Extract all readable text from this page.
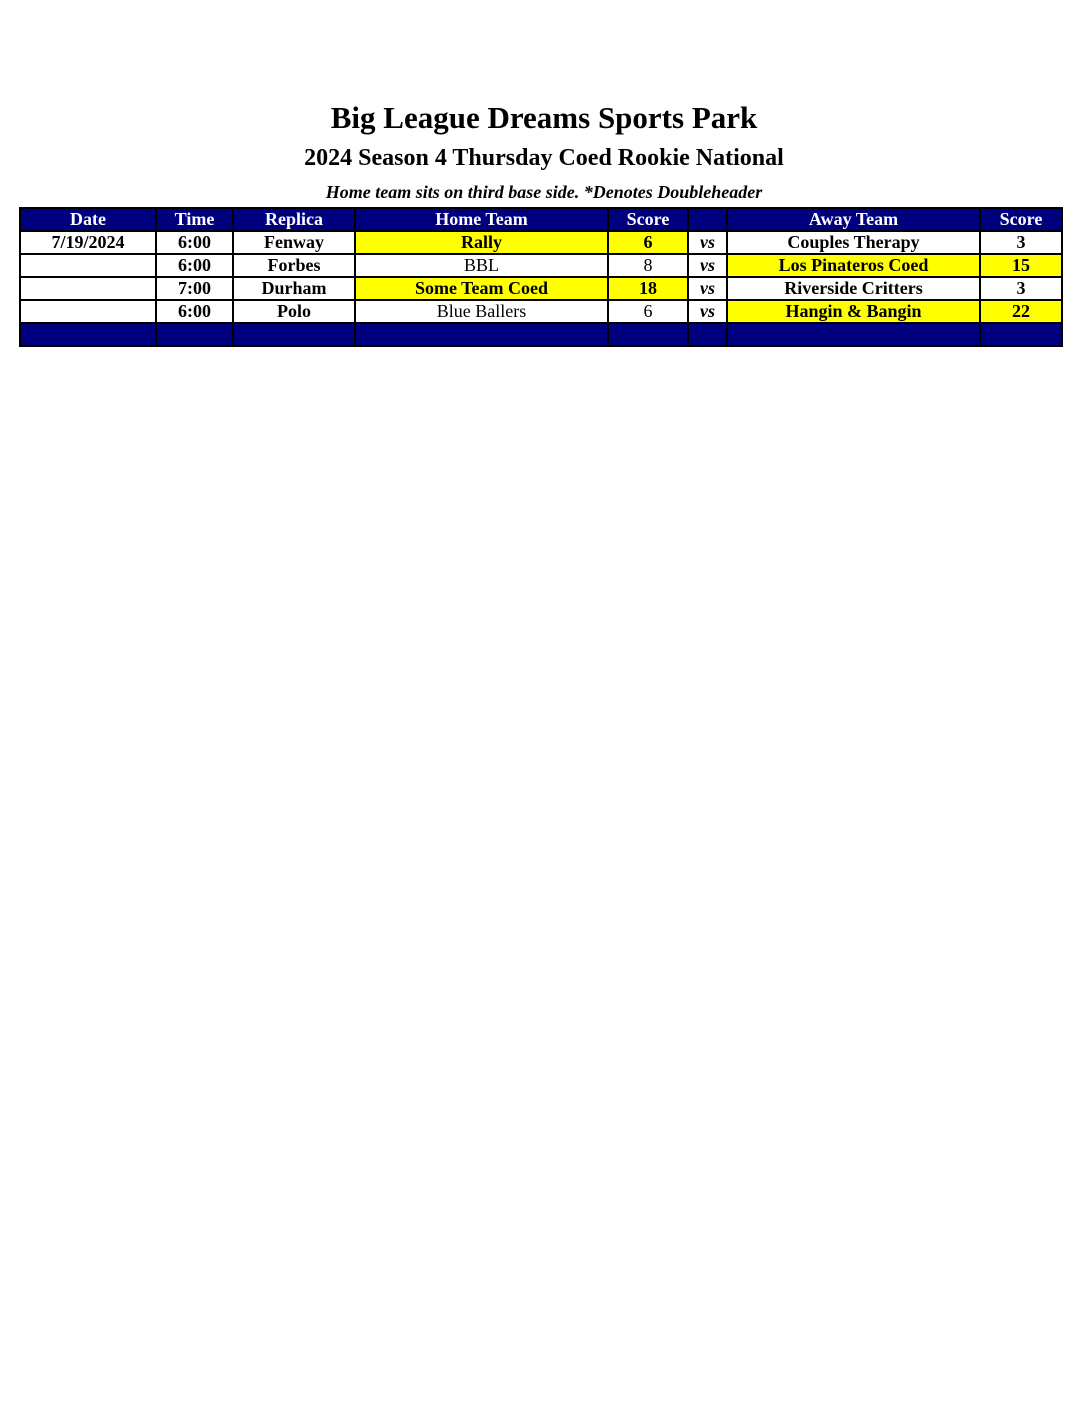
Big League Dreams Sports Park
2024 Season 4 Thursday Coed Rookie National
Home team sits on third base side. *Denotes Doubleheader
Date	Time	Replica	Home Team	Score		Away Team	Score
7/19/2024	6:00	Fenway	Rally	6	vs	Couples Therapy	3
	6:00	Forbes	BBL	8	vs	Los Pinateros Coed	15
	7:00	Durham	Some Team Coed	18	vs	Riverside Critters	3
	6:00	Polo	Blue Ballers	6	vs	Hangin & Bangin	22
